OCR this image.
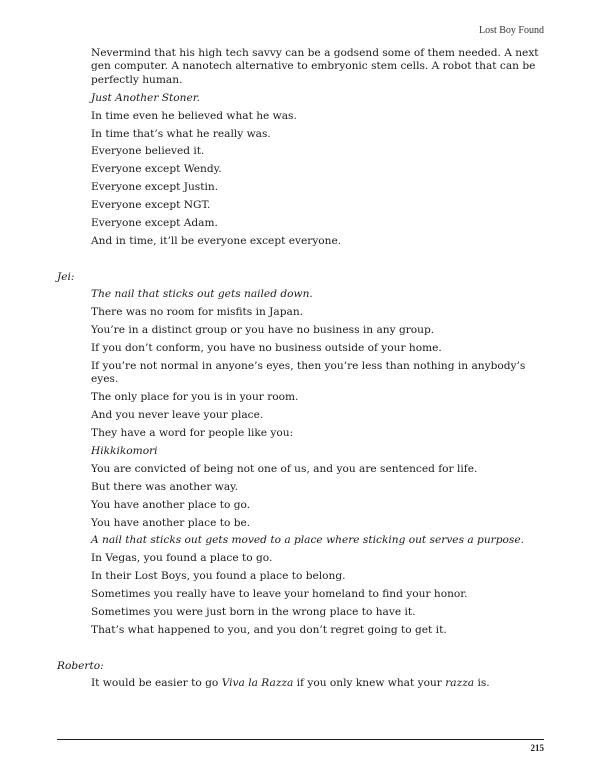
Lost Boy Found

Nevermind that his high tech savvy can be a godsend some of them needed. A next gen computer. A nanotech alternative to embryonic stem cells. A robot that can be perfectly human.

Just Another Stoner.

In time even he believed what he was.

In time that’s what he really was.

Everyone believed it.

Everyone except Wendy.

Everyone except Justin.

Everyone except NGT.

Everyone except Adam.

And in time, it’ll be everyone except everyone.

Jei:

The nail that sticks out gets nailed down.

There was no room for misfits in Japan.

You’re in a distinct group or you have no business in any group.

If you don’t conform, you have no business outside of your home.

If you’re not normal in anyone’s eyes, then you’re less than nothing in anybody’s eyes.

The only place for you is in your room.

And you never leave your place.

They have a word for people like you:

Hikkikomori

You are convicted of being not one of us, and you are sentenced for life.

But there was another way.

You have another place to go.

You have another place to be.

A nail that sticks out gets moved to a place where sticking out serves a purpose.

In Vegas, you found a place to go.

In their Lost Boys, you found a place to belong.

Sometimes you really have to leave your homeland to find your honor.

Sometimes you were just born in the wrong place to have it.

That’s what happened to you, and you don’t regret going to get it.

Roberto:

It would be easier to go Viva la Razza if you only knew what your razza is.

215
